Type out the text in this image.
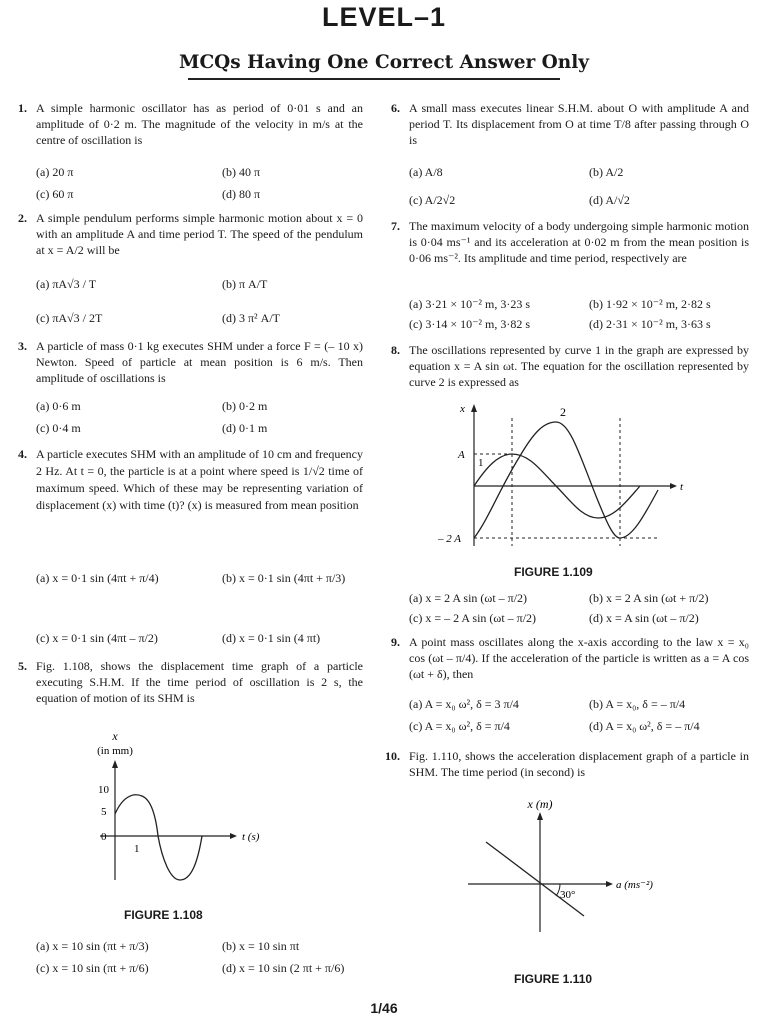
LEVEL–1
MCQs Having One Correct Answer Only
1. A simple harmonic oscillator has as period of 0·01 s and an amplitude of 0·2 m. The magnitude of the velocity in m/s at the centre of oscillation is
(a) 20 π	(b) 40 π
(c) 60 π	(d) 80 π
2. A simple pendulum performs simple harmonic motion about x = 0 with an amplitude A and time period T. The speed of the pendulum at x = A/2 will be
(a) πA√3 / T	(b) π A/T
(c) πA√3 / 2T	(d) 3 π² A/T
3. A particle of mass 0·1 kg executes SHM under a force F = (– 10 x) Newton. Speed of particle at mean position is 6 m/s. Then amplitude of oscillations is
(a) 0·6 m	(b) 0·2 m
(c) 0·4 m	(d) 0·1 m
4. A particle executes SHM with an amplitude of 10 cm and frequency 2 Hz. At t = 0, the particle is at a point where speed is 1/√2 time of maximum speed. Which of these may be representing variation of displacement (x) with time (t)? (x) is measured from mean position
(a) x = 0·1 sin (4πt + π/4)	(b) x = 0·1 sin (4πt + π/3)
(c) x = 0·1 sin (4πt – π/2)	(d) x = 0·1 sin (4 πt)
5. Fig. 1.108, shows the displacement time graph of a particle executing S.H.M. If the time period of oscillation is 2 s, the equation of motion of its SHM is
(a) x = 10 sin (πt + π/3)	(b) x = 10 sin πt
(c) x = 10 sin (πt + π/6)	(d) x = 10 sin (2 πt + π/6)
x
(in mm)
t (s)
10
5
0
1
FIGURE 1.108
6. A small mass executes linear S.H.M. about O with amplitude A and period T. Its displacement from O at time T/8 after passing through O is
(a) A/8	(b) A/2
(c) A/2√2	(d) A/√2
7. The maximum velocity of a body undergoing simple harmonic motion is 0·04 ms⁻¹ and its acceleration at 0·02 m from the mean position is 0·06 ms⁻². Its amplitude and time period, respectively are
(a) 3·21 × 10⁻² m, 3·23 s	(b) 1·92 × 10⁻² m, 2·82 s
(c) 3·14 × 10⁻² m, 3·82 s	(d) 2·31 × 10⁻² m, 3·63 s
8. The oscillations represented by curve 1 in the graph are expressed by equation x = A sin ωt. The equation for the oscillation represented by curve 2 is expressed as
(a) x = 2 A sin (ωt – π/2)	(b) x = 2 A sin (ωt + π/2)
(c) x = – 2 A sin (ωt – π/2)	(d) x = A sin (ωt – π/2)
9. A point mass oscillates along the x-axis according to the law x = x₀ cos (ωt – π/4). If the acceleration of the particle is written as a = A cos (ωt + δ), then
(a) A = x₀ ω², δ = 3 π/4	(b) A = x₀, δ = – π/4
(c) A = x₀ ω², δ = π/4	(d) A = x₀ ω², δ = – π/4
10. Fig. 1.110, shows the acceleration displacement graph of a particle in SHM. The time period (in second) is
x
t
A
– 2 A
1
2
FIGURE 1.109
x (m)
a (ms⁻²)
30°
FIGURE 1.110
1/46
